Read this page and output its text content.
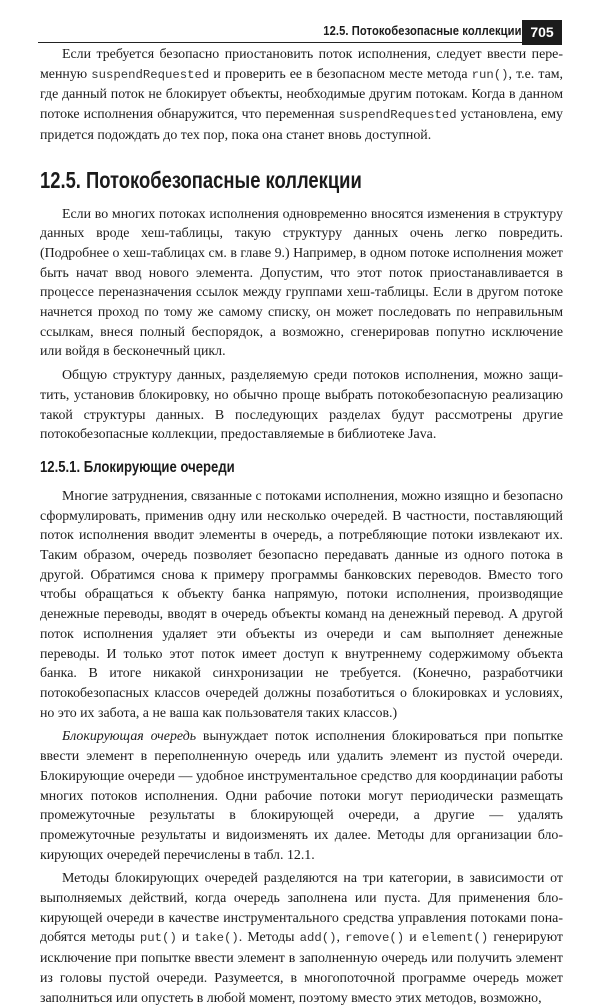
12.5. Потокобезопасные коллекции 705

Если требуется безопасно приостановить поток исполнения, следует ввести переменную suspendRequested и проверить ее в безопасном месте метода run(), т.е. там, где данный поток не блокирует объекты, необходимые другим потокам. Когда в данном потоке исполнения обнаружится, что переменная suspendRequested установлена, ему придется подождать до тех пор, пока она станет вновь доступной.

12.5. Потокобезопасные коллекции

Если во многих потоках исполнения одновременно вносятся изменения в структуру данных вроде хеш-таблицы, такую структуру данных очень легко повредить. (Подробнее о хеш-таблицах см. в главе 9.) Например, в одном потоке исполнения может быть начат ввод нового элемента. Допустим, что этот поток приостанавливается в процессе переназначения ссылок между группами хеш-таблицы. Если в другом потоке начнется проход по тому же самому списку, он может последовать по неправильным ссылкам, внеся полный беспорядок, а возможно, сгенерировав попутно исключение или войдя в бесконечный цикл.

Общую структуру данных, разделяемую среди потоков исполнения, можно защитить, установив блокировку, но обычно проще выбрать потокобезопасную реализацию такой структуры данных. В последующих разделах будут рассмотрены другие потокобезопасные коллекции, предоставляемые в библиотеке Java.

12.5.1. Блокирующие очереди

Многие затруднения, связанные с потоками исполнения, можно изящно и безопасно сформулировать, применив одну или несколько очередей. В частности, поставляющий поток исполнения вводит элементы в очередь, а потребляющие потоки извлекают их. Таким образом, очередь позволяет безопасно передавать данные из одного потока в другой. Обратимся снова к примеру программы банковских переводов. Вместо того чтобы обращаться к объекту банка напрямую, потоки исполнения, производящие денежные переводы, вводят в очередь объекты команд на денежный перевод. А другой поток исполнения удаляет эти объекты из очереди и сам выполняет денежные переводы. И только этот поток имеет доступ к внутреннему содержимому объекта банка. В итоге никакой синхронизации не требуется. (Конечно, разработчики потокобезопасных классов очередей должны позаботиться о блокировках и условиях, но это их забота, а не ваша как пользователя таких классов.)

Блокирующая очередь вынуждает поток исполнения блокироваться при попытке ввести элемент в переполненную очередь или удалить элемент из пустой очереди. Блокирующие очереди — удобное инструментальное средство для координации работы многих потоков исполнения. Одни рабочие потоки могут периодически размещать промежуточные результаты в блокирующей очереди, а другие — удалять промежуточные результаты и видоизменять их далее. Методы для организации блокирующих очередей перечислены в табл. 12.1.

Методы блокирующих очередей разделяются на три категории, в зависимости от выполняемых действий, когда очередь заполнена или пуста. Для применения блокирующей очереди в качестве инструментального средства управления потоками понадобятся методы put() и take(). Методы add(), remove() и element() генерируют исключение при попытке ввести элемент в заполненную очередь или получить элемент из головы пустой очереди. Разумеется, в многопоточной программе очередь может заполниться или опустеть в любой момент, поэтому вместо этих методов, возможно,
